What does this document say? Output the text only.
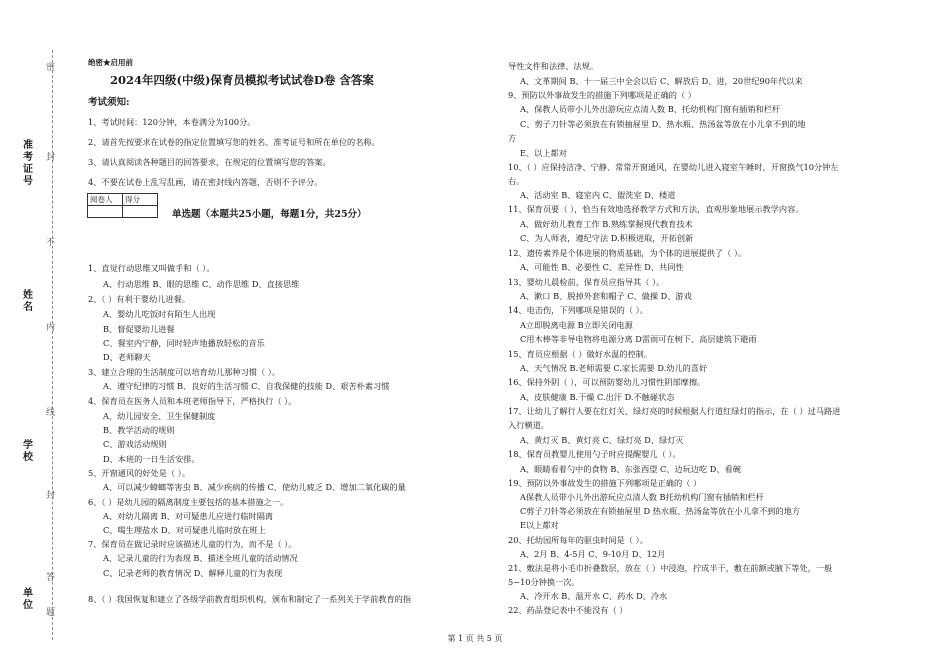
准考证号
姓名
学校
单位
密
封
不
内
线
封
答
题
绝密★启用前
2024年四级(中级)保育员模拟考试试卷D卷 含答案
考试须知:
1、考试时间：120分钟，本卷满分为100分。
2、请首先按要求在试卷的指定位置填写您的姓名、准考证号和所在单位的名称。
3、请认真阅读各种题目的回答要求，在规定的位置填写您的答案。
4、不要在试卷上乱写乱画，请在密封线内答题，否则不予评分。
阅卷人	得分

单选题（本题共25小题，每题1分，共25分）
1、直觉行动思维又叫做手和（ ）。
A、行动思维 B、眼的思维 C、动作思维 D、直接思维
2、（ ）有利于婴幼儿进餐。
A、婴幼儿吃饭时有陌生人出现
B、督促婴幼儿进餐
C、餐室内宁静，同时轻声地播放轻松的音乐
D、老师聊天
3、建立合理的生活制度可以培育幼儿那种习惯（ ）。
A、遵守纪律的习惯 B、良好的生活习惯 C、自我保健的技能 D、艰苦朴素习惯
4、保育员在医务人员和本班老师指导下，严格执行（ ）。
A、幼儿园安全、卫生保健制度
B、教学活动的规则
C、游戏活动规则
D、本班的一日生活安排。
5、开窗通风的好处是（ ）。
A、可以减少蟑螂等害虫 B、减少疾病的传播 C、使幼儿疲乏 D、增加二氧化碳的量
6、（ ）是幼儿园的隔离制度主要包括的基本措施之一。
A、对幼儿隔离 B、对可疑患儿应进行临时隔离
C、喝生理盐水 D、对可疑患儿临时放在班上
7、保育员在做记录时应该描述儿童的行为，而不是（ ）。
A、记录儿童的行为表现 B、描述全班儿童的活动情况
C、记录老师的教育情况 D、解释儿童的行为表现
8、（ ）我国恢复和建立了各级学前教育组织机构，颁布和制定了一系列关于学前教育的指
导性文件和法律、法规。
A、文革期间 B、十一届三中全会以后 C、解放后 D、进，20世纪90年代以来
9、预防以外事故发生的措施下列哪项是正确的（ ）
A、保教人员带小儿外出游玩应点清人数 B、托幼机构门窗有插销和栏杆
C、剪子刀针等必须放在有锁抽屉里 D、热水瓶、热汤盆等放在小儿拿不到的地
方
E、以上都对
10、（ ）应保持洁净、宁静、常常开窗通风，在婴幼儿进入寝室午睡时，开窗换气10分钟左
右。
A、活动室 B、寝室内 C、盥洗室 D、楼道
11、保育员要（ ），恰当有效地选择教学方式和方法，直观形象地展示教学内容。
A、做好幼儿教育工作 B.熟练掌握现代教育技术
C、为人师表，遵纪守法 D.积极进取，开拓创新
12、遗传素养是个体进展的物质基础，为个体的进展提供了（ ）。
A、可能性 B、必要性 C、差异性 D、共同性
13、婴幼儿晨检前，保育员应指导其（ ）。
A、漱口 B、脱掉外套和帽子 C、做操 D、游戏
14、电击伤，下列哪项是错误的（ ）。
A立即脱离电源 B立即关闭电源
C用木棒等非导电物将电源分离 D雷雨可在树下、高层建筑下避雨
15、育员应根据（ ）做好水温的控制。
A、天气情况 B.老师需要 C.家长需要 D.幼儿的喜好
16、保持外阴（ ），可以预防婴幼儿习惯性阴部摩擦。
A、皮肤健康 B.干燥 C.出汗 D.不触碰状态
17、让幼儿了解行人要在红灯关、绿灯亮的时候根据人行道红绿灯的指示，在（ ）过马路进
入行横道。
A、黄灯灭 B、黄灯亮 C、绿灯亮 D、绿灯灭
18、保育员教婴儿使用勺子时应提醒婴儿（ ）。
A、眼睛看着勺中的食物 B、东张西望 C、边玩边吃 D、看碗
19、预防以外事故发生的措施下列哪项是正确的（ ）
A保教人员带小儿外出游玩应点清人数 B托幼机构门窗有插销和栏杆
C剪子刀针等必须放在有锁抽屉里 D 热水瓶、热汤盆等放在小儿拿不到的地方
E以上都对
20、托幼园所每年的驱虫时间是（ ）。
A、2月 B、4-5月 C、9-10月 D、12月
21、敷法是将小毛巾折叠数层，放在（ ）中浸泡，拧成半干，敷在前额或腋下等处，一般
5~10分钟换一次。
A、冷开水 B、温开水 C、药水 D、冷水
22、药品登记表中不能没有（ ）
第 1 页 共 5 页
